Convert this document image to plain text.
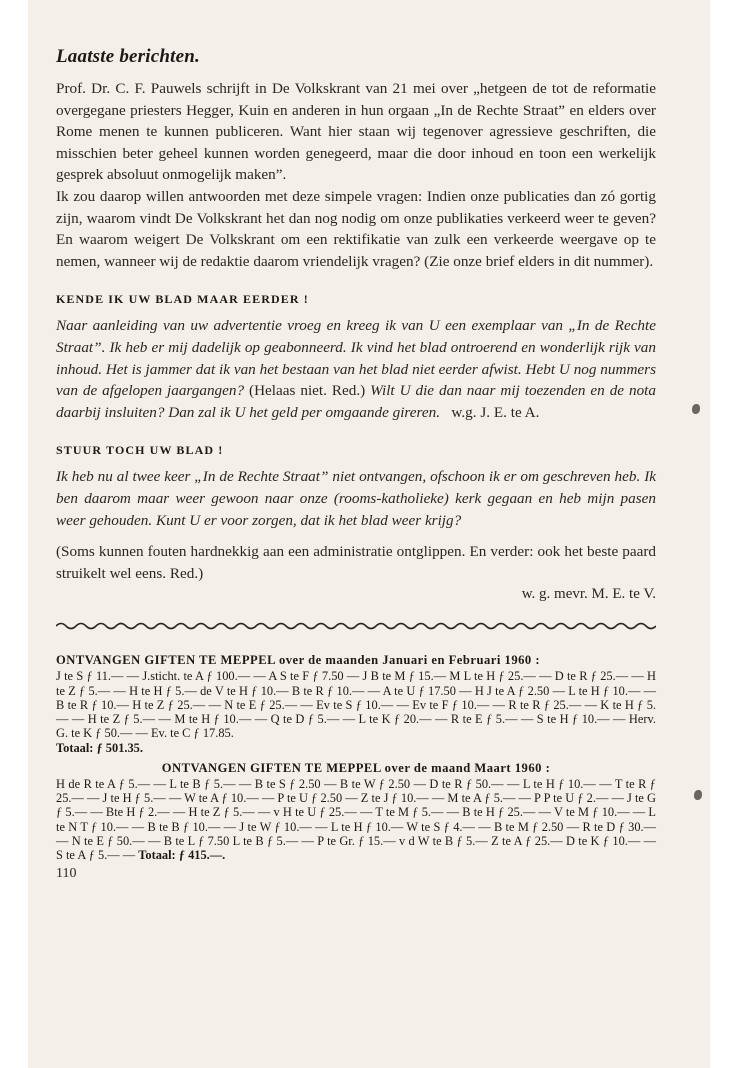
Laatste berichten.

Prof. Dr. C. F. Pauwels schrijft in De Volkskrant van 21 mei over „hetgeen de tot de reformatie overgegane priesters Hegger, Kuin en anderen in hun orgaan „In de Rechte Straat” en elders over Rome menen te kunnen publiceren. Want hier staan wij tegenover agressieve geschriften, die misschien beter geheel kunnen worden genegeerd, maar die door inhoud en toon een werkelijk gesprek absoluut onmogelijk maken”.

Ik zou daarop willen antwoorden met deze simpele vragen: Indien onze publicaties dan zó gortig zijn, waarom vindt De Volkskrant het dan nog nodig om onze publikaties verkeerd weer te geven? En waarom weigert De Volkskrant om een rektifikatie van zulk een verkeerde weergave op te nemen, wanneer wij de redaktie daarom vriendelijk vragen? (Zie onze brief elders in dit nummer).

KENDE IK UW BLAD MAAR EERDER !

Naar aanleiding van uw advertentie vroeg en kreeg ik van U een exemplaar van „In de Rechte Straat”. Ik heb er mij dadelijk op geabonneerd. Ik vind het blad ontroerend en wonderlijk rijk van inhoud. Het is jammer dat ik van het bestaan van het blad niet eerder afwist. Hebt U nog nummers van de afgelopen jaargangen? (Helaas niet. Red.) Wilt U die dan naar mij toezenden en de nota daarbij insluiten? Dan zal ik U het geld per omgaande gireren. w.g. J. E. te A.

STUUR TOCH UW BLAD !

Ik heb nu al twee keer „In de Rechte Straat” niet ontvangen, ofschoon ik er om geschreven heb. Ik ben daarom maar weer gewoon naar onze (rooms-katholieke) kerk gegaan en heb mijn pasen weer gehouden. Kunt U er voor zorgen, dat ik het blad weer krijg?

(Soms kunnen fouten hardnekkig aan een administratie ontglippen. En verder: ook het beste paard struikelt wel eens. Red.)

w. g. mevr. M. E. te V.
ONTVANGEN GIFTEN TE MEPPEL over de maanden Januari en Februari 1960 :

J te S ƒ 11.— — J.sticht. te A ƒ 100.— — A S te F ƒ 7.50 — J B te M ƒ 15.— M L te H ƒ 25.— — D te R ƒ 25.— — H te Z ƒ 5.— — H te H ƒ 5.— de V te H ƒ 10.— B te R ƒ 10.— — A te U ƒ 17.50 — H J te A ƒ 2.50 — L te H ƒ 10.— — B te R ƒ 10.— H te Z ƒ 25.— — N te E ƒ 25.— — Ev te S ƒ 10.— — Ev te F ƒ 10.— — R te R ƒ 25.— — K te H ƒ 5.— — H te Z ƒ 5.— — M te H ƒ 10.— — Q te D ƒ 5.— — L te K ƒ 20.— — R te E ƒ 5.— — S te H ƒ 10.— — Herv. G. te K ƒ 50.— — Ev. te C ƒ 17.85.

Totaal: ƒ 501.35.

ONTVANGEN GIFTEN TE MEPPEL over de maand Maart 1960 :

H de R te A ƒ 5.— — L te B ƒ 5.— — B te S ƒ 2.50 — B te W ƒ 2.50 — D te R ƒ 50.— — L te H ƒ 10.— — T te R ƒ 25.— — J te H ƒ 5.— — W te A ƒ 10.— — P te U ƒ 2.50 — Z te J ƒ 10.— — M te A ƒ 5.— — P P te U ƒ 2.— — J te G ƒ 5.— — Bte H ƒ 2.— — H te Z ƒ 5.— — v H te U ƒ 25.— — T te M ƒ 5.— — B te H ƒ 25.— — V te M ƒ 10.— — L te N T ƒ 10.— — B te B ƒ 10.— — J te W ƒ 10.— — L te H ƒ 10.— W te S ƒ 4.— — B te M ƒ 2.50 — R te D ƒ 30.— — N te E ƒ 50.— — B te L ƒ 7.50 L te B ƒ 5.— — P te Gr. ƒ 15.— v d W te B ƒ 5.— Z te A ƒ 25.— D te K ƒ 10.— — S te A ƒ 5.— — Totaal: ƒ 415.—.

110
